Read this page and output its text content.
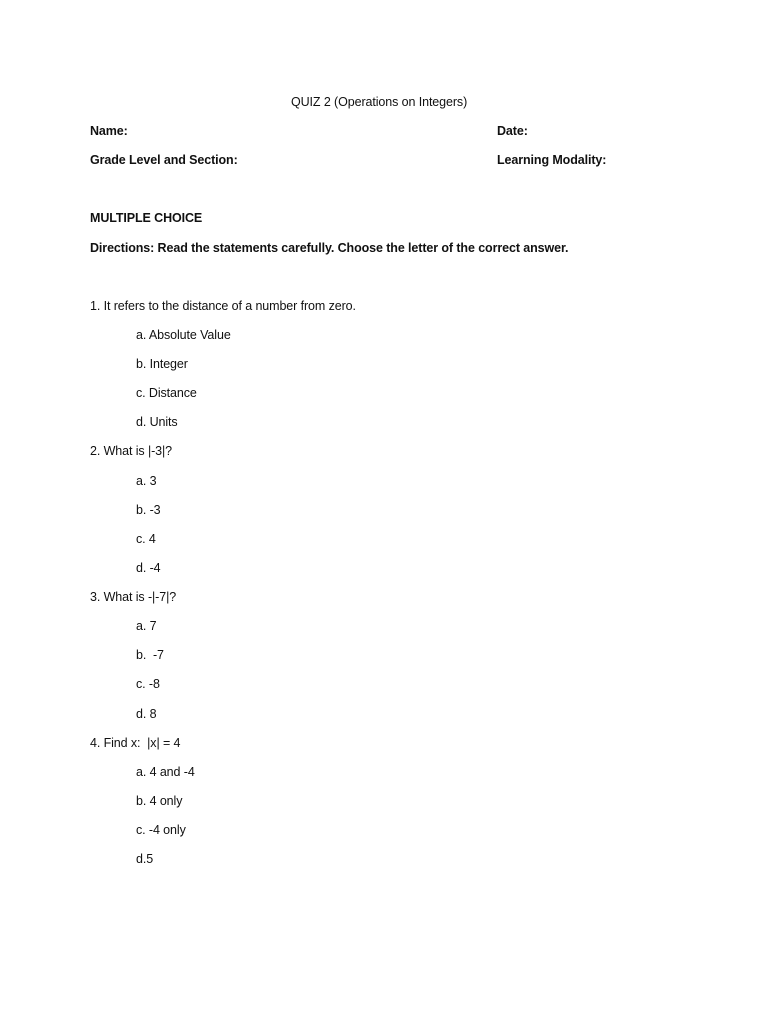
QUIZ 2 (Operations on Integers)
Name:	Date:
Grade Level and Section:	Learning Modality:
MULTIPLE CHOICE
Directions: Read the statements carefully. Choose the letter of the correct answer.
1. It refers to the distance of a number from zero.
a. Absolute Value
b. Integer
c. Distance
d. Units
2. What is |-3|?
a. 3
b. -3
c. 4
d. -4
3. What is -|-7|?
a. 7
b.  -7
c. -8
d. 8
4. Find x:  |x| = 4
a. 4 and -4
b. 4 only
c. -4 only
d.5
